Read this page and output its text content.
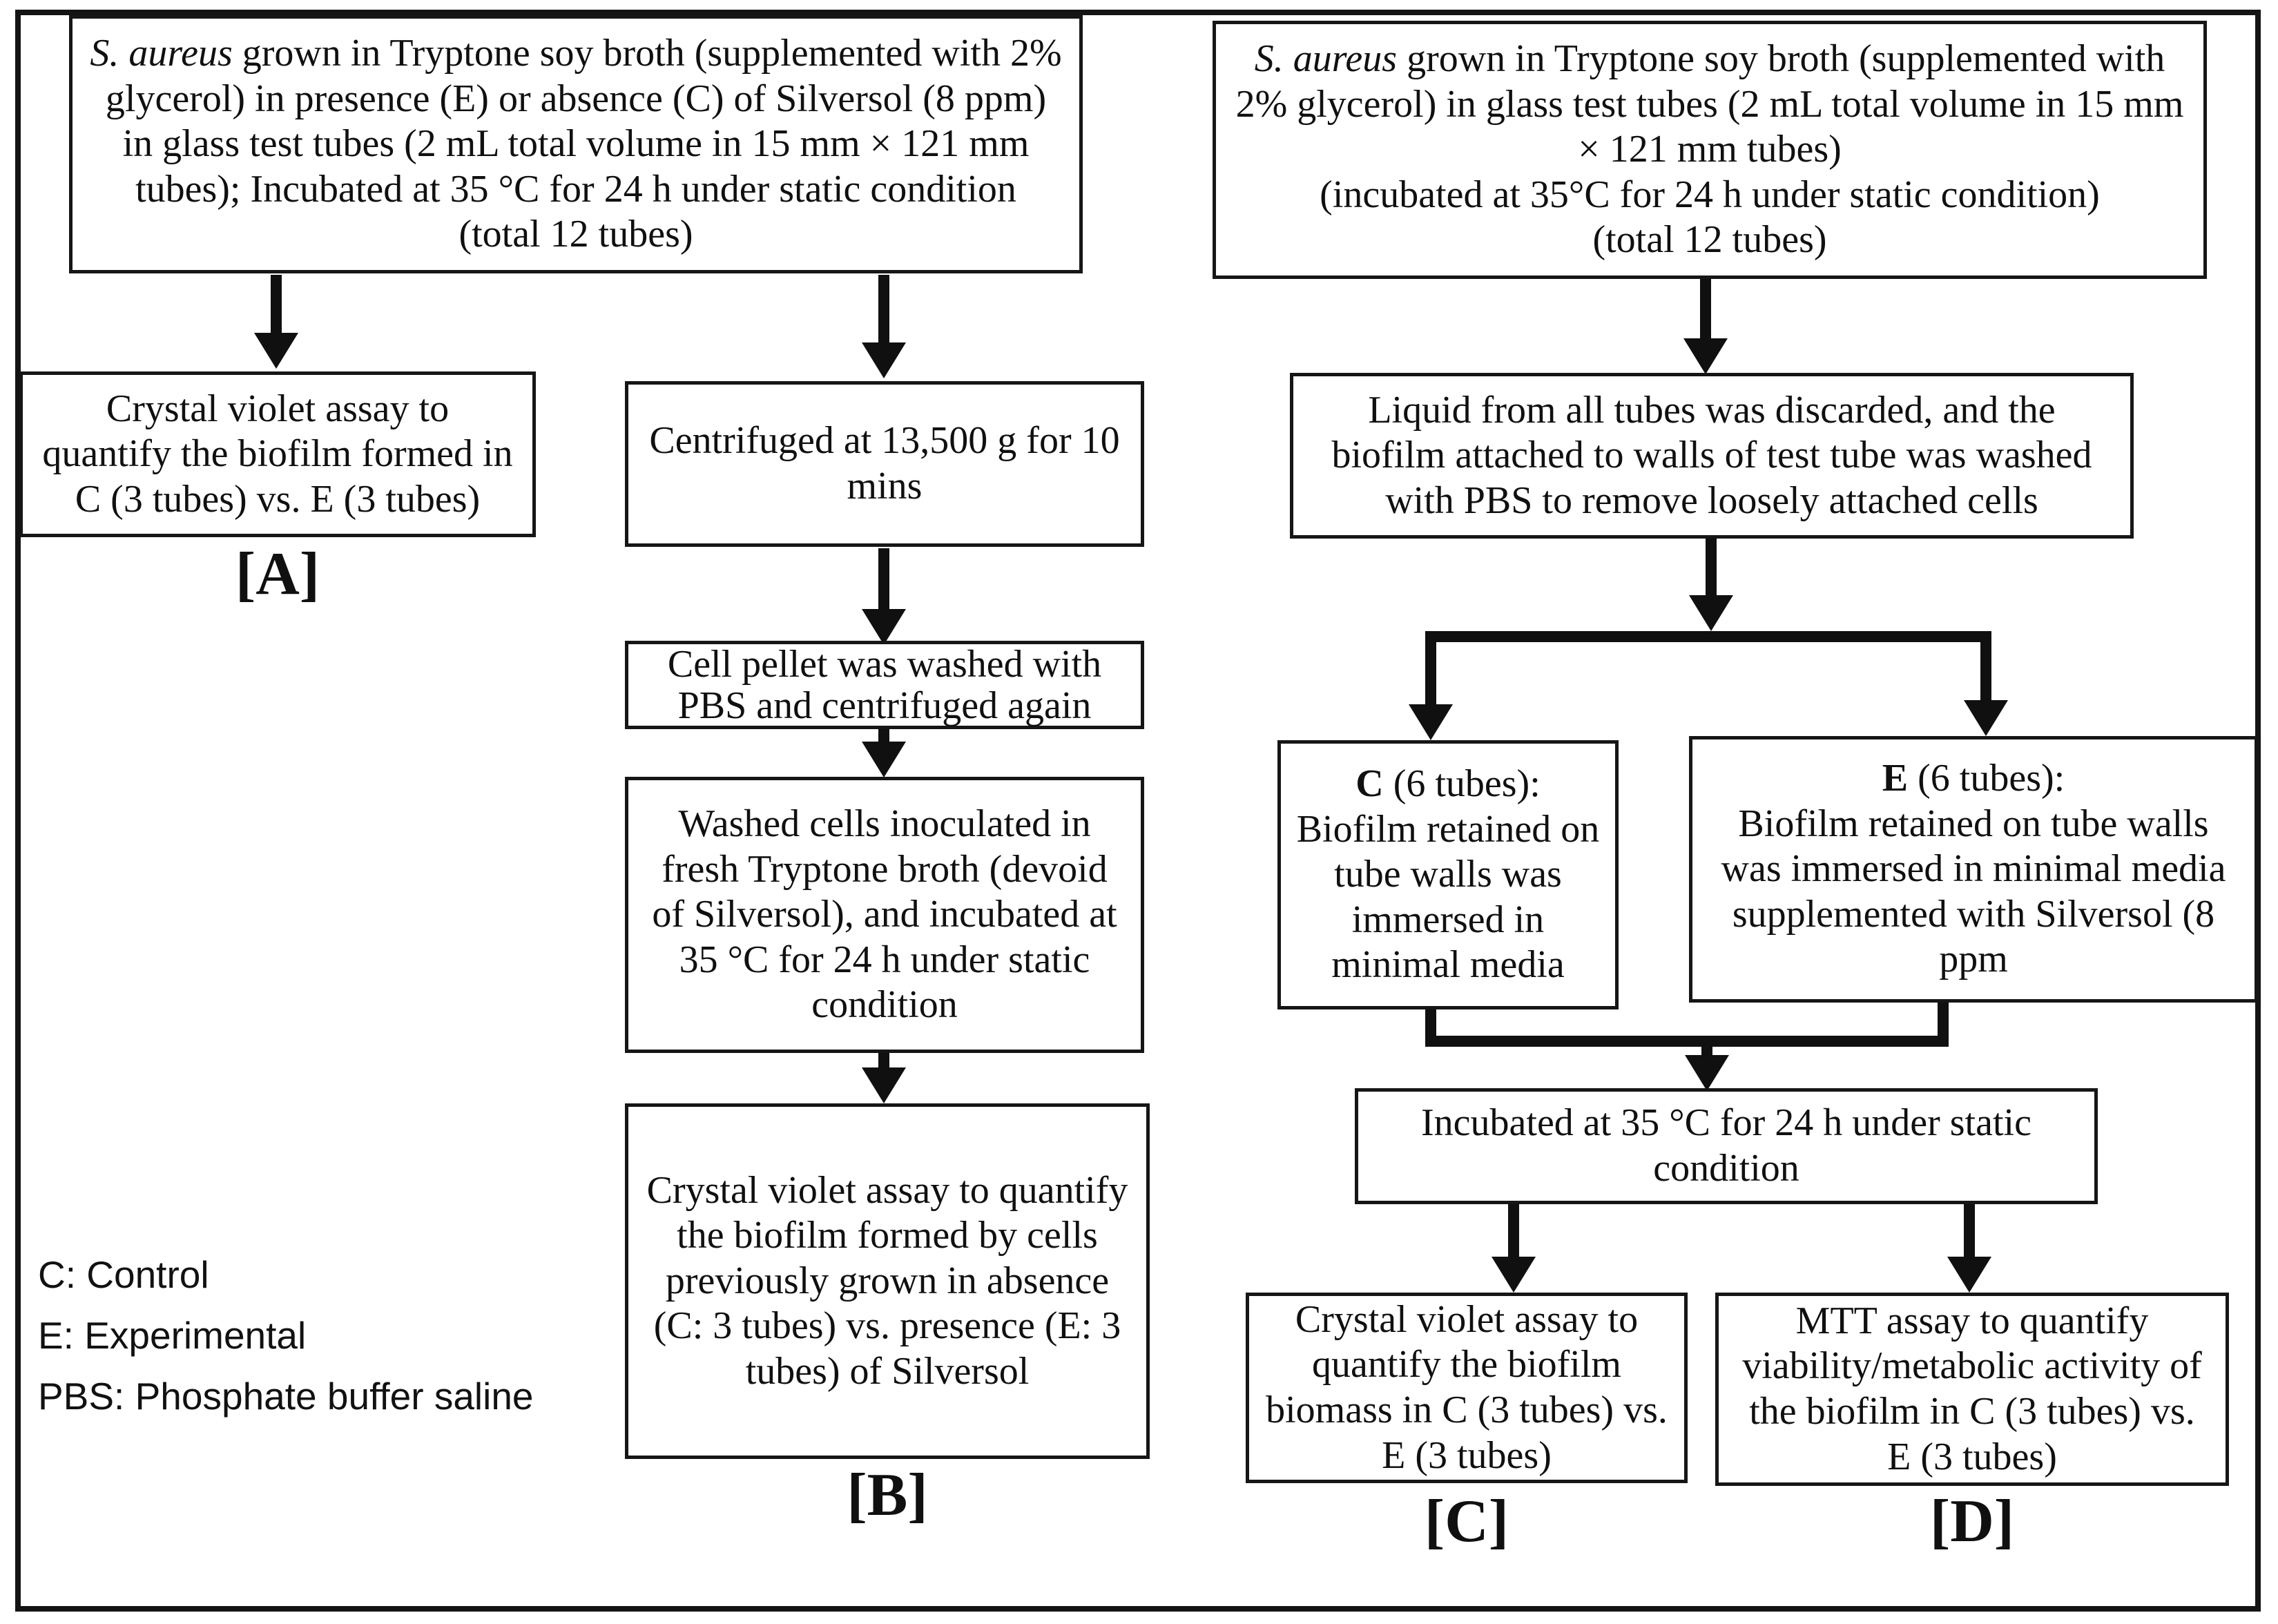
S. aureus grown in Tryptone soy broth (supplemented with 2% glycerol) in presence (E) or absence (C) of Silversol (8 ppm) in glass test tubes (2 mL total volume in 15 mm × 121 mm tubes); Incubated at 35 °C for 24 h under static condition
(total 12 tubes)
Crystal violet assay to quantify the biofilm formed in C (3 tubes) vs. E (3 tubes)
[A]
Centrifuged at 13,500 g for 10 mins
Cell pellet was washed with PBS and centrifuged again
Washed cells inoculated in fresh Tryptone broth (devoid of Silversol), and incubated at 35 °C for 24 h under static condition
Crystal violet assay to quantify the biofilm formed by cells previously grown in absence (C: 3 tubes) vs. presence (E: 3 tubes) of Silversol
[B]
C: Control
E: Experimental
PBS: Phosphate buffer saline
S. aureus grown in Tryptone soy broth (supplemented with 2% glycerol) in glass test tubes (2 mL total volume in 15 mm × 121 mm tubes)
(incubated at 35°C for 24 h under static condition)
(total 12 tubes)
Liquid from all tubes was discarded, and the biofilm attached to walls of test tube was washed with PBS to remove loosely attached cells
C (6 tubes):
Biofilm retained on tube walls was immersed in minimal media
E (6 tubes):
Biofilm retained on tube walls was immersed in minimal media supplemented with Silversol (8 ppm
Incubated at 35 °C for 24 h under static condition
Crystal violet assay to quantify the biofilm biomass in C (3 tubes) vs. E (3 tubes)
MTT assay to quantify viability/metabolic activity of the biofilm in C (3 tubes) vs. E (3 tubes)
[C]	[D]
